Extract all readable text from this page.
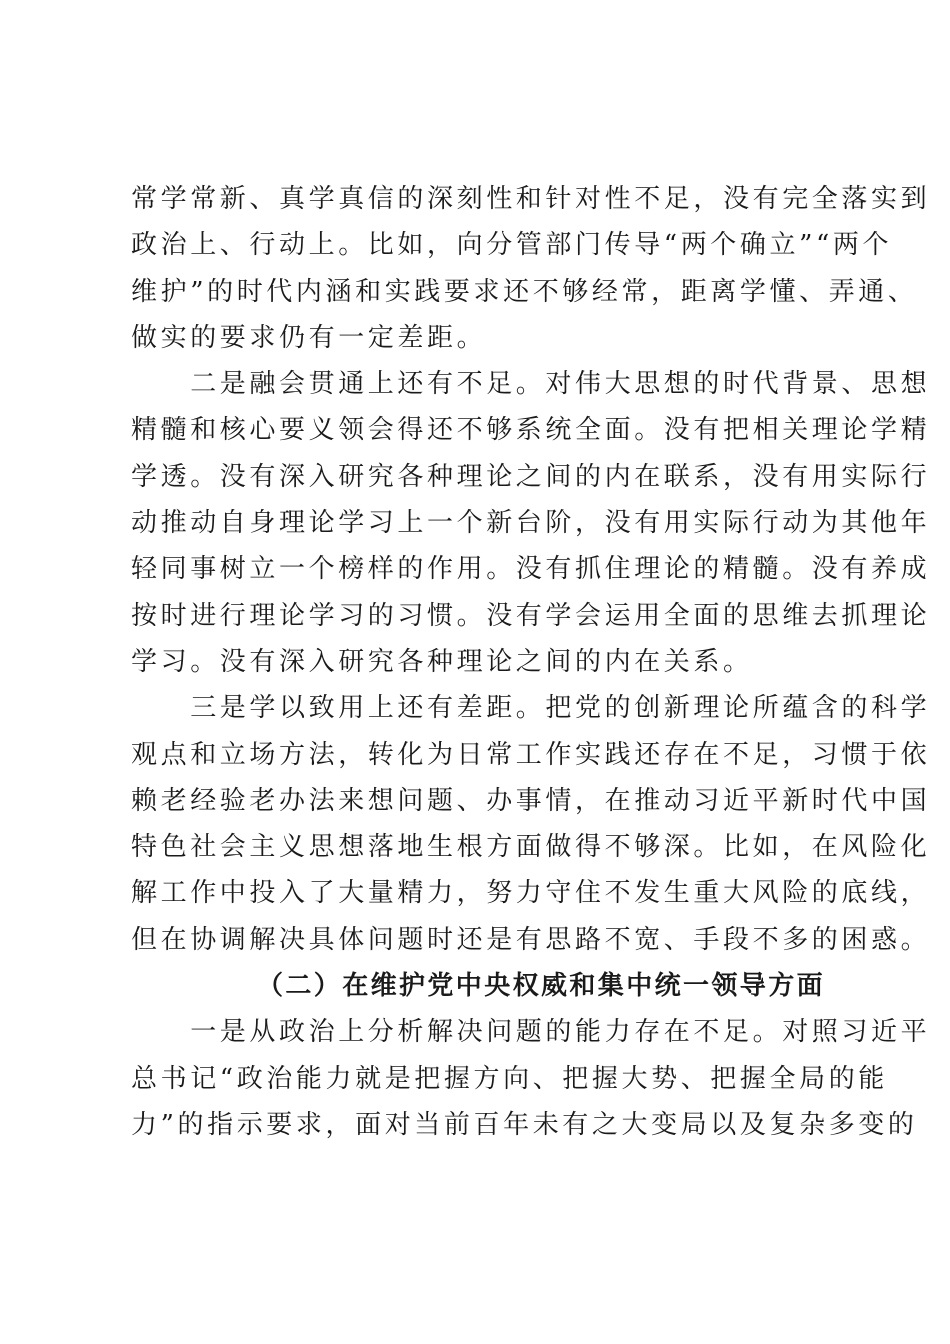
常学常新、真学真信的深刻性和针对性不足，没有完全落实到
政治上、行动上。比如，向分管部门传导“两个确立”“两个
维护”的时代内涵和实践要求还不够经常，距离学懂、弄通、
做实的要求仍有一定差距。
　　二是融会贯通上还有不足。对伟大思想的时代背景、思想
精髓和核心要义领会得还不够系统全面。没有把相关理论学精
学透。没有深入研究各种理论之间的内在联系，没有用实际行
动推动自身理论学习上一个新台阶，没有用实际行动为其他年
轻同事树立一个榜样的作用。没有抓住理论的精髓。没有养成
按时进行理论学习的习惯。没有学会运用全面的思维去抓理论
学习。没有深入研究各种理论之间的内在关系。
　　三是学以致用上还有差距。把党的创新理论所蕴含的科学
观点和立场方法，转化为日常工作实践还存在不足，习惯于依
赖老经验老办法来想问题、办事情，在推动习近平新时代中国
特色社会主义思想落地生根方面做得不够深。比如，在风险化
解工作中投入了大量精力，努力守住不发生重大风险的底线，
但在协调解决具体问题时还是有思路不宽、手段不多的困惑。
（二）在维护党中央权威和集中统一领导方面
　　一是从政治上分析解决问题的能力存在不足。对照习近平
总书记“政治能力就是把握方向、把握大势、把握全局的能
力”的指示要求，面对当前百年未有之大变局以及复杂多变的
